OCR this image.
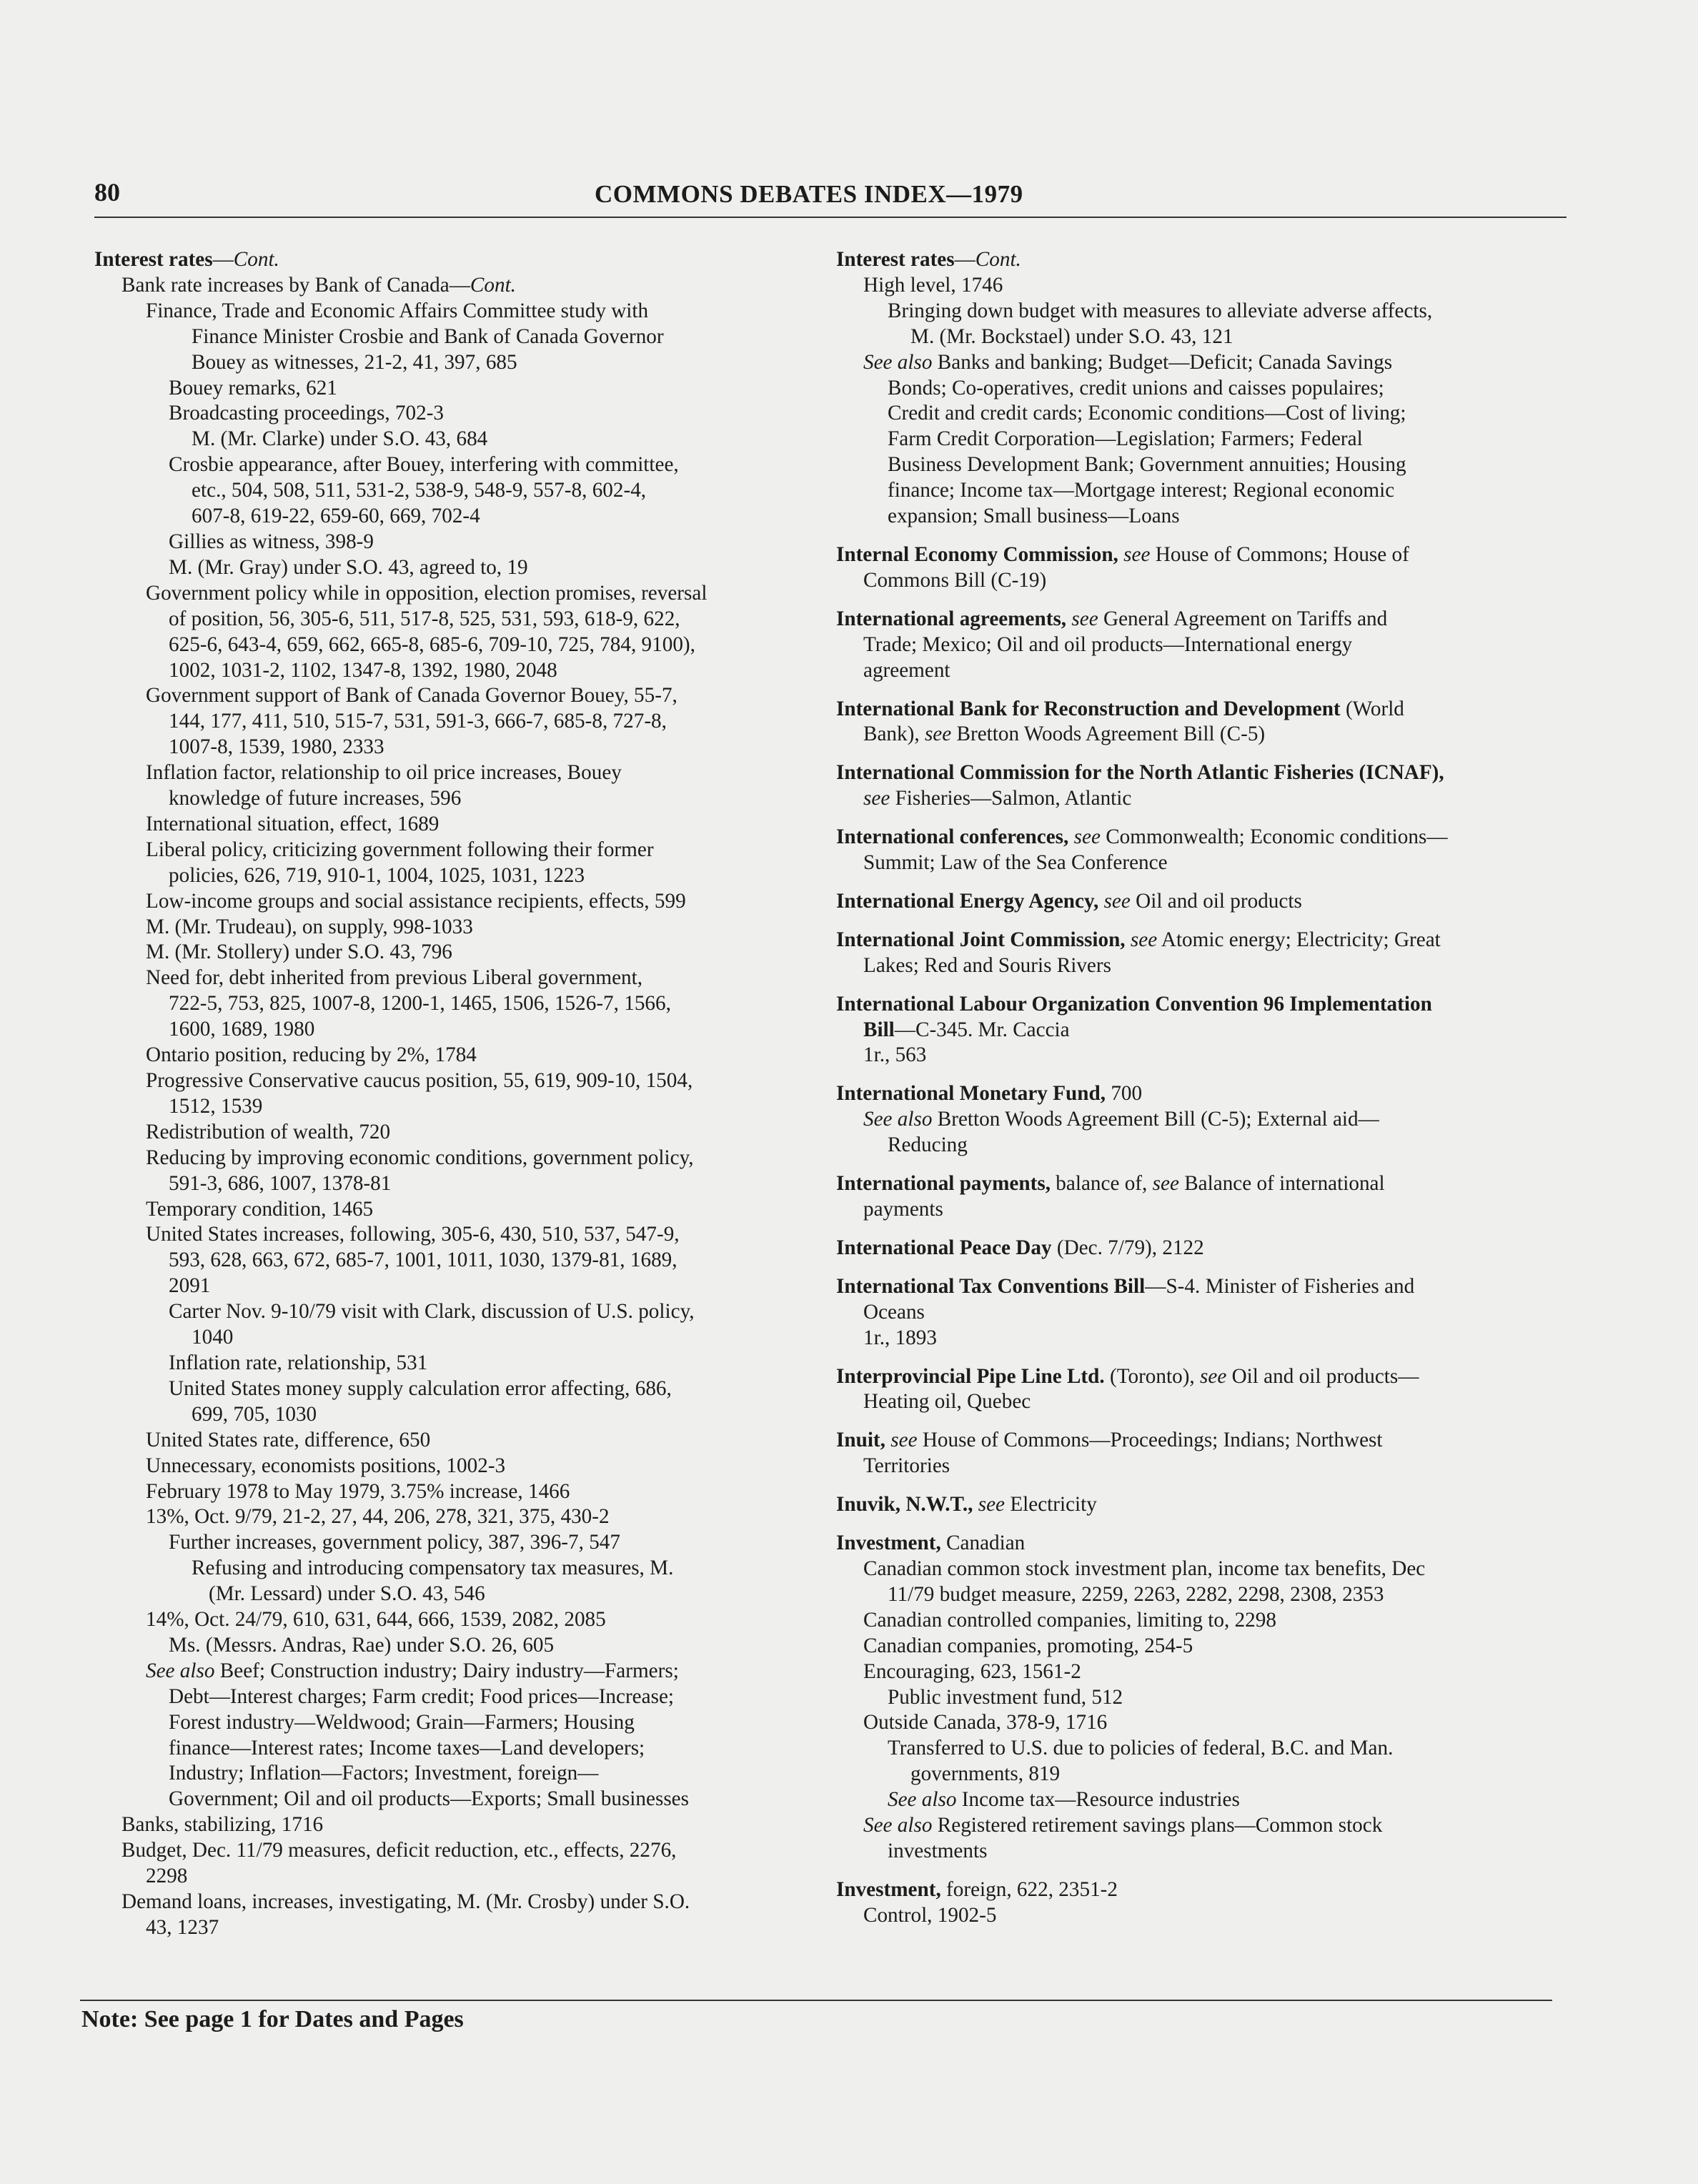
80	COMMONS DEBATES INDEX—1979
Interest rates—Cont.
Bank rate increases by Bank of Canada—Cont.
Finance, Trade and Economic Affairs Committee study with
Finance Minister Crosbie and Bank of Canada Governor
Bouey as witnesses, 21-2, 41, 397, 685
Bouey remarks, 621
Broadcasting proceedings, 702-3
M. (Mr. Clarke) under S.O. 43, 684
Crosbie appearance, after Bouey, interfering with committee,
etc., 504, 508, 511, 531-2, 538-9, 548-9, 557-8, 602-4,
607-8, 619-22, 659-60, 669, 702-4
Gillies as witness, 398-9
M. (Mr. Gray) under S.O. 43, agreed to, 19
Government policy while in opposition, election promises, reversal
of position, 56, 305-6, 511, 517-8, 525, 531, 593, 618-9, 622,
625-6, 643-4, 659, 662, 665-8, 685-6, 709-10, 725, 784, 9100),
1002, 1031-2, 1102, 1347-8, 1392, 1980, 2048
Government support of Bank of Canada Governor Bouey, 55-7,
144, 177, 411, 510, 515-7, 531, 591-3, 666-7, 685-8, 727-8,
1007-8, 1539, 1980, 2333
Inflation factor, relationship to oil price increases, Bouey
knowledge of future increases, 596
International situation, effect, 1689
Liberal policy, criticizing government following their former
policies, 626, 719, 910-1, 1004, 1025, 1031, 1223
Low-income groups and social assistance recipients, effects, 599
M. (Mr. Trudeau), on supply, 998-1033
M. (Mr. Stollery) under S.O. 43, 796
Need for, debt inherited from previous Liberal government,
722-5, 753, 825, 1007-8, 1200-1, 1465, 1506, 1526-7, 1566,
1600, 1689, 1980
Ontario position, reducing by 2%, 1784
Progressive Conservative caucus position, 55, 619, 909-10, 1504,
1512, 1539
Redistribution of wealth, 720
Reducing by improving economic conditions, government policy,
591-3, 686, 1007, 1378-81
Temporary condition, 1465
United States increases, following, 305-6, 430, 510, 537, 547-9,
593, 628, 663, 672, 685-7, 1001, 1011, 1030, 1379-81, 1689,
2091
Carter Nov. 9-10/79 visit with Clark, discussion of U.S. policy,
1040
Inflation rate, relationship, 531
United States money supply calculation error affecting, 686,
699, 705, 1030
United States rate, difference, 650
Unnecessary, economists positions, 1002-3
February 1978 to May 1979, 3.75% increase, 1466
13%, Oct. 9/79, 21-2, 27, 44, 206, 278, 321, 375, 430-2
Further increases, government policy, 387, 396-7, 547
Refusing and introducing compensatory tax measures, M.
(Mr. Lessard) under S.O. 43, 546
14%, Oct. 24/79, 610, 631, 644, 666, 1539, 2082, 2085
Ms. (Messrs. Andras, Rae) under S.O. 26, 605
See also Beef; Construction industry; Dairy industry—Farmers;
Debt—Interest charges; Farm credit; Food prices—Increase;
Forest industry—Weldwood; Grain—Farmers; Housing
finance—Interest rates; Income taxes—Land developers;
Industry; Inflation—Factors; Investment, foreign—
Government; Oil and oil products—Exports; Small businesses
Banks, stabilizing, 1716
Budget, Dec. 11/79 measures, deficit reduction, etc., effects, 2276,
2298
Demand loans, increases, investigating, M. (Mr. Crosby) under S.O.
43, 1237
Interest rates—Cont.
High level, 1746
Bringing down budget with measures to alleviate adverse affects,
M. (Mr. Bockstael) under S.O. 43, 121
See also Banks and banking; Budget—Deficit; Canada Savings
Bonds; Co-operatives, credit unions and caisses populaires;
Credit and credit cards; Economic conditions—Cost of living;
Farm Credit Corporation—Legislation; Farmers; Federal
Business Development Bank; Government annuities; Housing
finance; Income tax—Mortgage interest; Regional economic
expansion; Small business—Loans
Internal Economy Commission, see House of Commons; House of
Commons Bill (C-19)
International agreements, see General Agreement on Tariffs and
Trade; Mexico; Oil and oil products—International energy
agreement
International Bank for Reconstruction and Development (World
Bank), see Bretton Woods Agreement Bill (C-5)
International Commission for the North Atlantic Fisheries (ICNAF),
see Fisheries—Salmon, Atlantic
International conferences, see Commonwealth; Economic conditions—
Summit; Law of the Sea Conference
International Energy Agency, see Oil and oil products
International Joint Commission, see Atomic energy; Electricity; Great
Lakes; Red and Souris Rivers
International Labour Organization Convention 96 Implementation
Bill—C-345. Mr. Caccia
1r., 563
International Monetary Fund, 700
See also Bretton Woods Agreement Bill (C-5); External aid—
Reducing
International payments, balance of, see Balance of international
payments
International Peace Day (Dec. 7/79), 2122
International Tax Conventions Bill—S-4. Minister of Fisheries and
Oceans
1r., 1893
Interprovincial Pipe Line Ltd. (Toronto), see Oil and oil products—
Heating oil, Quebec
Inuit, see House of Commons—Proceedings; Indians; Northwest
Territories
Inuvik, N.W.T., see Electricity
Investment, Canadian
Canadian common stock investment plan, income tax benefits, Dec
11/79 budget measure, 2259, 2263, 2282, 2298, 2308, 2353
Canadian controlled companies, limiting to, 2298
Canadian companies, promoting, 254-5
Encouraging, 623, 1561-2
Public investment fund, 512
Outside Canada, 378-9, 1716
Transferred to U.S. due to policies of federal, B.C. and Man.
governments, 819
See also Income tax—Resource industries
See also Registered retirement savings plans—Common stock
investments
Investment, foreign, 622, 2351-2
Control, 1902-5
Note: See page 1 for Dates and Pages
